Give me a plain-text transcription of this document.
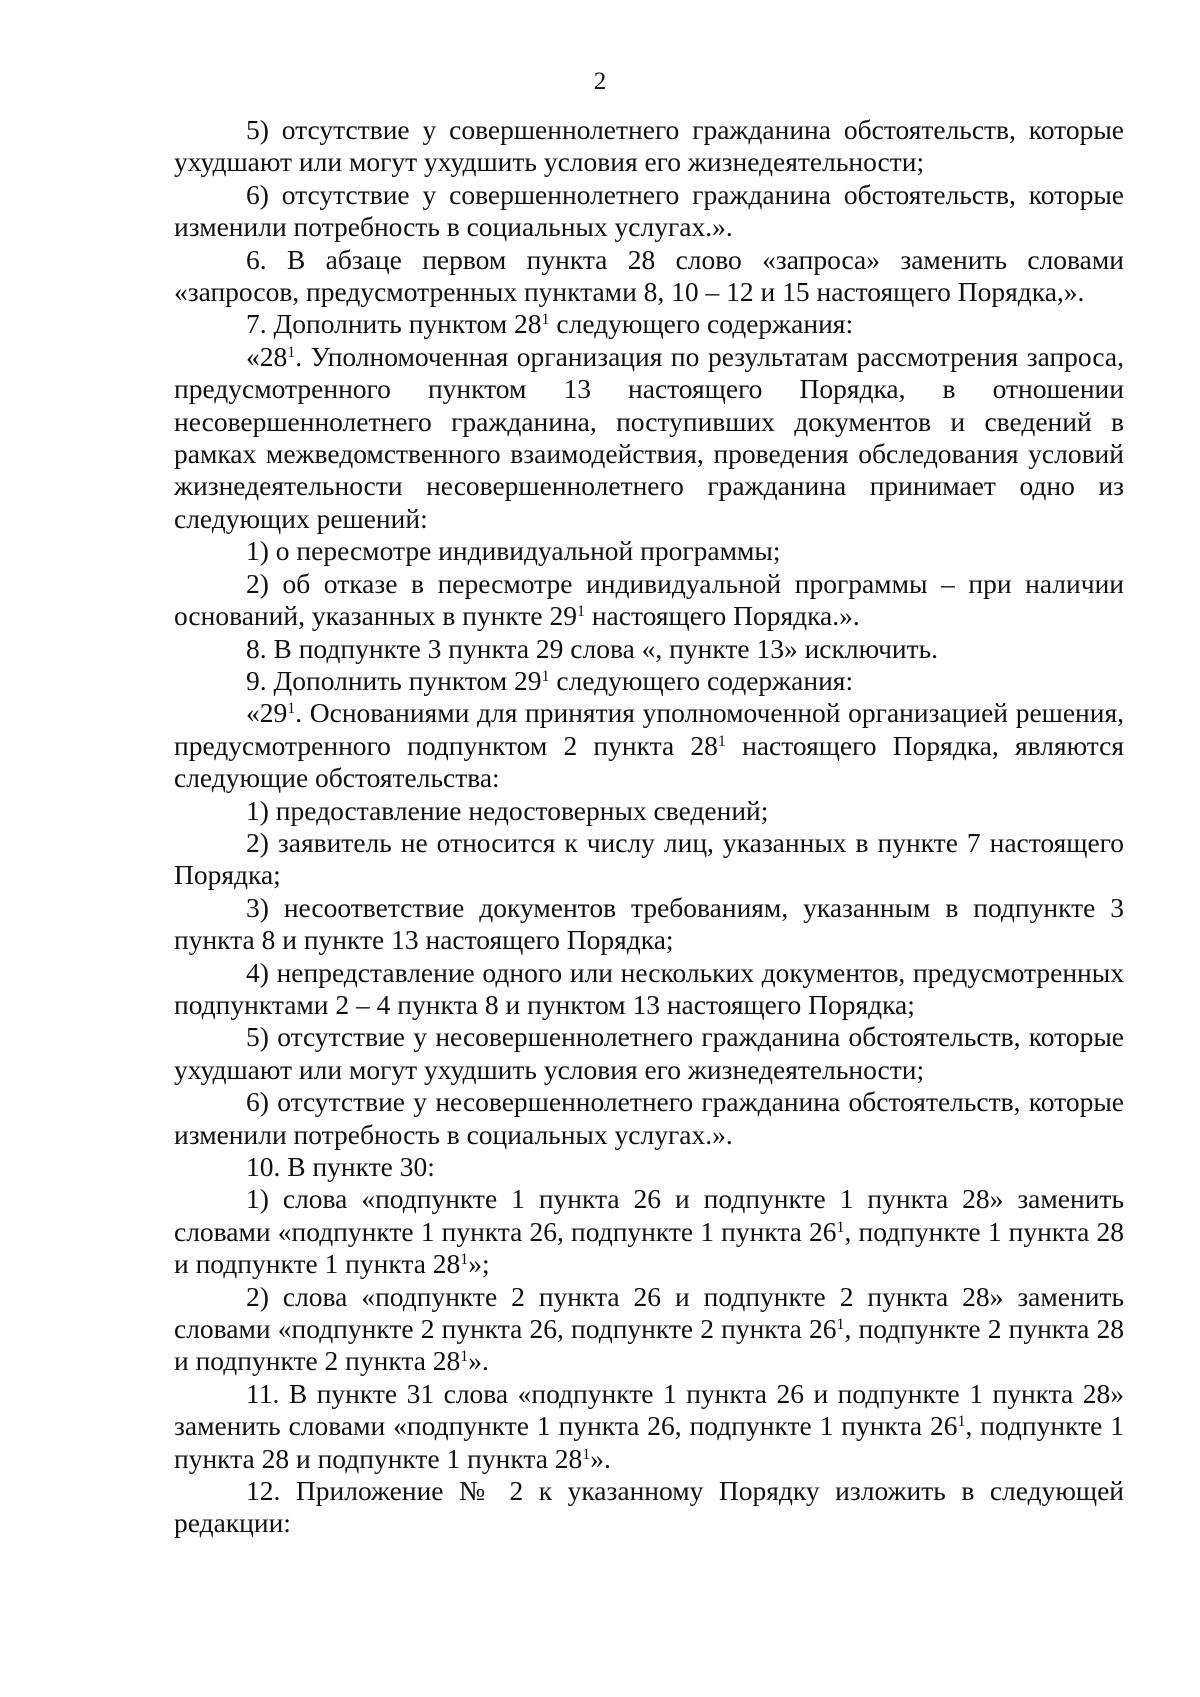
2

5) отсутствие у совершеннолетнего гражданина обстоятельств, которые ухудшают или могут ухудшить условия его жизнедеятельности;

6) отсутствие у совершеннолетнего гражданина обстоятельств, которые изменили потребность в социальных услугах.».

6. В абзаце первом пункта 28 слово «запроса» заменить словами «запросов, предусмотренных пунктами 8, 10 – 12 и 15 настоящего Порядка,».

7. Дополнить пунктом $28^1$ следующего содержания:

«$28^1$. Уполномоченная организация по результатам рассмотрения запроса, предусмотренного пунктом 13 настоящего Порядка, в отношении несовершеннолетнего гражданина, поступивших документов и сведений в рамках межведомственного взаимодействия, проведения обследования условий жизнедеятельности несовершеннолетнего гражданина принимает одно из следующих решений:

1) о пересмотре индивидуальной программы;

2) об отказе в пересмотре индивидуальной программы – при наличии оснований, указанных в пункте $29^1$ настоящего Порядка.».

8. В подпункте 3 пункта 29 слова «, пункте 13» исключить.

9. Дополнить пунктом $29^1$ следующего содержания:

«$29^1$. Основаниями для принятия уполномоченной организацией решения, предусмотренного подпунктом 2 пункта $28^1$ настоящего Порядка, являются следующие обстоятельства:

1) предоставление недостоверных сведений;

2) заявитель не относится к числу лиц, указанных в пункте 7 настоящего Порядка;

3) несоответствие документов требованиям, указанным в подпункте 3 пункта 8 и пункте 13 настоящего Порядка;

4) непредставление одного или нескольких документов, предусмотренных подпунктами 2 – 4 пункта 8 и пунктом 13 настоящего Порядка;

5) отсутствие у несовершеннолетнего гражданина обстоятельств, которые ухудшают или могут ухудшить условия его жизнедеятельности;

6) отсутствие у несовершеннолетнего гражданина обстоятельств, которые изменили потребность в социальных услугах.».

10. В пункте 30:

1) слова «подпункте 1 пункта 26 и подпункте 1 пункта 28» заменить словами «подпункте 1 пункта 26, подпункте 1 пункта $26^1$, подпункте 1 пункта 28 и подпункте 1 пункта $28^1$»;

2) слова «подпункте 2 пункта 26 и подпункте 2 пункта 28» заменить словами «подпункте 2 пункта 26, подпункте 2 пункта $26^1$, подпункте 2 пункта 28 и подпункте 2 пункта $28^1$».

11. В пункте 31 слова «подпункте 1 пункта 26 и подпункте 1 пункта 28» заменить словами «подпункте 1 пункта 26, подпункте 1 пункта $26^1$, подпункте 1 пункта 28 и подпункте 1 пункта $28^1$».

12. Приложение № 2 к указанному Порядку изложить в следующей редакции:
